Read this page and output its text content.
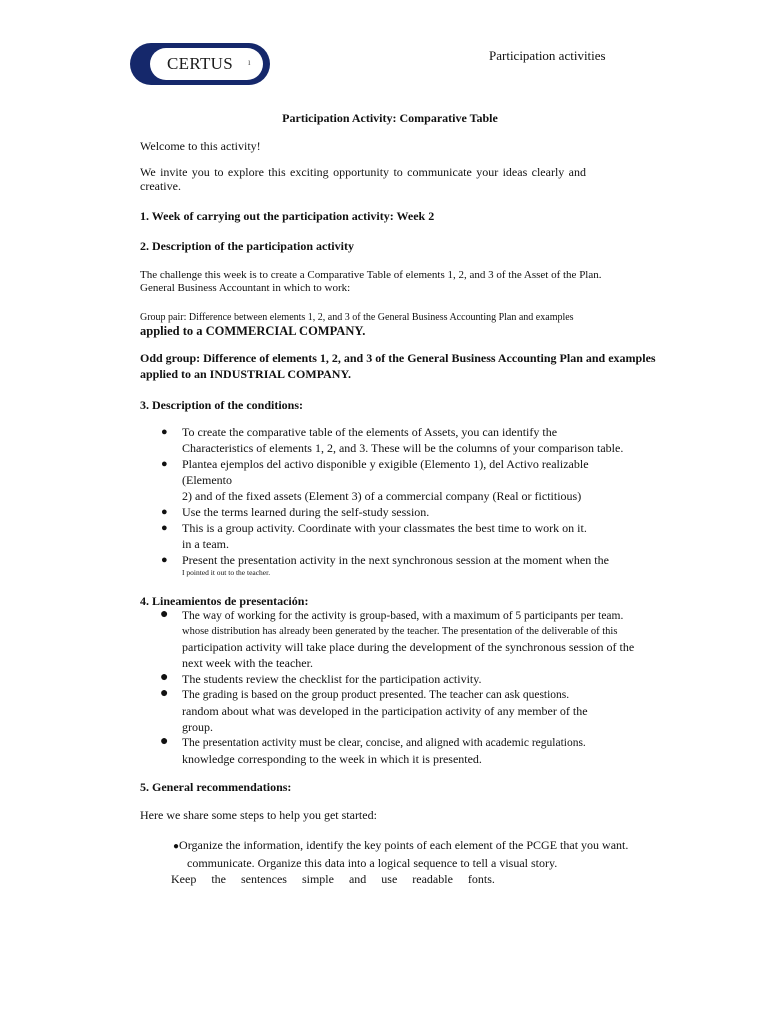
CERTUS ı	Participation activities

Participation Activity: Comparative Table

Welcome to this activity!

We invite you to explore this exciting opportunity to communicate your ideas clearly and creative.

1. Week of carrying out the participation activity: Week 2

2. Description of the participation activity

The challenge this week is to create a Comparative Table of elements 1, 2, and 3 of the Asset of the Plan.

General Business Accountant in which to work:

Group pair: Difference between elements 1, 2, and 3 of the General Business Accounting Plan and examples

applied to a COMMERCIAL COMPANY.

Odd group: Difference of elements 1, 2, and 3 of the General Business Accounting Plan and examples applied to an INDUSTRIAL COMPANY.

3. Description of the conditions:

● To create the comparative table of the elements of Assets, you can identify the
Characteristics of elements 1, 2, and 3. These will be the columns of your comparison table.
● Plantea ejemplos del activo disponible y exigible (Elemento 1), del Activo realizable (Elemento
2) and of the fixed assets (Element 3) of a commercial company (Real or fictitious)
● Use the terms learned during the self-study session.
● This is a group activity. Coordinate with your classmates the best time to work on it.
in a team.
● Present the presentation activity in the next synchronous session at the moment when the
I pointed it out to the teacher.

4. Lineamientos de presentación:

● The way of working for the activity is group-based, with a maximum of 5 participants per team.
whose distribution has already been generated by the teacher. The presentation of the deliverable of this
participation activity will take place during the development of the synchronous session of the
next week with the teacher.
● The students review the checklist for the participation activity.
● The grading is based on the group product presented. The teacher can ask questions.
random about what was developed in the participation activity of any member of the
group.
● The presentation activity must be clear, concise, and aligned with academic regulations.
knowledge corresponding to the week in which it is presented.

5. General recommendations:

Here we share some steps to help you get started:

●Organize the information, identify the key points of each element of the PCGE that you want.
communicate. Organize this data into a logical sequence to tell a visual story.
Keep the sentences simple and use readable fonts.
